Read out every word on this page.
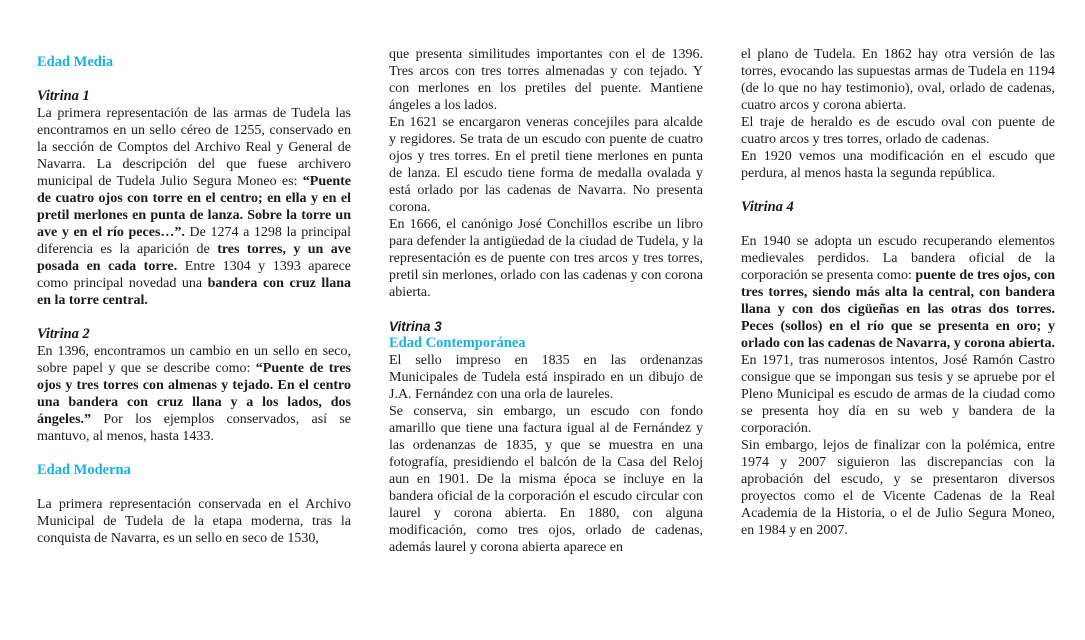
Edad Media
Vitrina 1

La primera representación de las armas de Tudela las encontramos en un sello céreo de 1255, conservado en la sección de Comptos del Archivo Real y General de Navarra. La descripción del que fuese archivero municipal de Tudela Julio Segura Moneo es: “Puente de cuatro ojos con torre en el centro; en ella y en el pretil merlones en punta de lanza. Sobre la torre un ave y en el río peces…”. De 1274 a 1298 la principal diferencia es la aparición de tres torres, y un ave posada en cada torre. Entre 1304 y 1393 aparece como principal novedad una bandera con cruz llana en la torre central.

Vitrina 2

En 1396, encontramos un cambio en un sello en seco, sobre papel y que se describe como: “Puente de tres ojos y tres torres con almenas y tejado. En el centro una bandera con cruz llana y a los lados, dos ángeles.” Por los ejemplos conservados, así se mantuvo, al menos, hasta 1433.

Edad Moderna

La primera representación conservada en el Archivo Municipal de Tudela de la etapa moderna, tras la conquista de Navarra, es un sello en seco de 1530,

que presenta similitudes importantes con el de 1396. Tres arcos con tres torres almenadas y con tejado. Y con merlones en los pretiles del puente. Mantiene ángeles a los lados.

En 1621 se encargaron veneras concejiles para alcalde y regidores. Se trata de un escudo con puente de cuatro ojos y tres torres. En el pretil tiene merlones en punta de lanza. El escudo tiene forma de medalla ovalada y está orlado por las cadenas de Navarra. No presenta corona.

En 1666, el canónigo José Conchillos escribe un libro para defender la antigüedad de la ciudad de Tudela, y la representación es de puente con tres arcos y tres torres, pretil sin merlones, orlado con las cadenas y con corona abierta.

Vitrina 3
Edad Contemporánea

El sello impreso en 1835 en las ordenanzas Municipales de Tudela está inspirado en un dibujo de J.A. Fernández con una orla de laureles.

Se conserva, sin embargo, un escudo con fondo amarillo que tiene una factura igual al de Fernández y las ordenanzas de 1835, y que se muestra en una fotografía, presidiendo el balcón de la Casa del Reloj aun en 1901. De la misma época se incluye en la bandera oficial de la corporación el escudo circular con laurel y corona abierta. En 1880, con alguna modificación, como tres ojos, orlado de cadenas, además laurel y corona abierta aparece en

el plano de Tudela. En 1862 hay otra versión de las torres, evocando las supuestas armas de Tudela en 1194 (de lo que no hay testimonio), oval, orlado de cadenas, cuatro arcos y corona abierta.

El traje de heraldo es de escudo oval con puente de cuatro arcos y tres torres, orlado de cadenas.

En 1920 vemos una modificación en el escudo que perdura, al menos hasta la segunda república.

Vitrina 4

En 1940 se adopta un escudo recuperando elementos medievales perdidos. La bandera oficial de la corporación se presenta como: puente de tres ojos, con tres torres, siendo más alta la central, con bandera llana y con dos cigüeñas en las otras dos torres. Peces (sollos) en el río que se presenta en oro; y orlado con las cadenas de Navarra, y corona abierta.

En 1971, tras numerosos intentos, José Ramón Castro consigue que se impongan sus tesis y se apruebe por el Pleno Municipal es escudo de armas de la ciudad como se presenta hoy día en su web y bandera de la corporación.

Sin embargo, lejos de finalizar con la polémica, entre 1974 y 2007 siguieron las discrepancias con la aprobación del escudo, y se presentaron diversos proyectos como el de Vicente Cadenas de la Real Academia de la Historia, o el de Julio Segura Moneo, en 1984 y en 2007.
